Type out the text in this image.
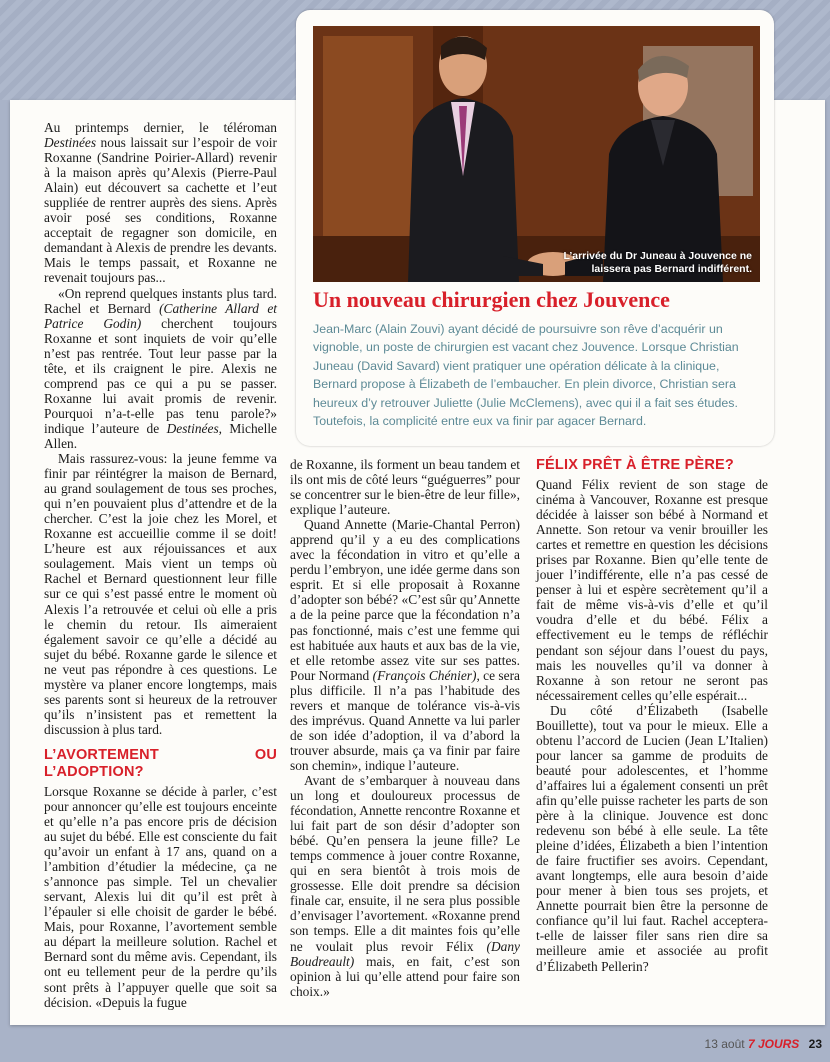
L’arrivée du Dr Juneau à Jouvence ne laissera pas Bernard indifférent.
Un nouveau chirurgien chez Jouvence

Jean-Marc (Alain Zouvi) ayant décidé de poursuivre son rêve d’acquérir un vignoble, un poste de chirurgien est vacant chez Jouvence. Lorsque Christian Juneau (David Savard) vient pratiquer une opération délicate à la clinique, Bernard propose à Élizabeth de l’embaucher. En plein divorce, Christian sera heureux d’y retrouver Juliette (Julie McClemens), avec qui il a fait ses études. Toutefois, la complicité entre eux va finir par agacer Bernard.

Au printemps dernier, le téléroman Destinées nous laissait sur l’espoir de voir Roxanne (Sandrine Poirier-Allard) revenir à la maison après qu’Alexis (Pierre-Paul Alain) eut découvert sa cachette et l’eut suppliée de rentrer auprès des siens. Après avoir posé ses conditions, Roxanne acceptait de regagner son domicile, en demandant à Alexis de prendre les devants. Mais le temps passait, et Roxanne ne revenait toujours pas...

«On reprend quelques instants plus tard. Rachel et Bernard (Catherine Allard et Patrice Godin) cherchent toujours Roxanne et sont inquiets de voir qu’elle n’est pas rentrée. Tout leur passe par la tête, et ils craignent le pire. Alexis ne comprend pas ce qui a pu se passer. Roxanne lui avait promis de revenir. Pourquoi n’a-t-elle pas tenu parole?» indique l’auteure de Destinées, Michelle Allen.

Mais rassurez-vous: la jeune femme va finir par réintégrer la maison de Bernard, au grand soulagement de tous ses proches, qui n’en pouvaient plus d’attendre et de la chercher. C’est la joie chez les Morel, et Roxanne est accueillie comme il se doit! L’heure est aux réjouissances et aux soulagement. Mais vient un temps où Rachel et Bernard questionnent leur fille sur ce qui s’est passé entre le moment où Alexis l’a retrouvée et celui où elle a pris le chemin du retour. Ils aimeraient également savoir ce qu’elle a décidé au sujet du bébé. Roxanne garde le silence et ne veut pas répondre à ces questions. Le mystère va planer encore longtemps, mais ses parents sont si heureux de la retrouver qu’ils n’insistent pas et remettent la discussion à plus tard.

L’AVORTEMENT OU L’ADOPTION?

Lorsque Roxanne se décide à parler, c’est pour annoncer qu’elle est toujours enceinte et qu’elle n’a pas encore pris de décision au sujet du bébé. Elle est consciente du fait qu’avoir un enfant à 17 ans, quand on a l’ambition d’étudier la médecine, ça ne s’annonce pas simple. Tel un chevalier servant, Alexis lui dit qu’il est prêt à l’épauler si elle choisit de garder le bébé. Mais, pour Roxanne, l’avortement semble au départ la meilleure solution. Rachel et Bernard sont du même avis. Cependant, ils ont eu tellement peur de la perdre qu’ils sont prêts à l’appuyer quelle que soit sa décision. «Depuis la fugue

de Roxanne, ils forment un beau tandem et ils ont mis de côté leurs “guéguerres” pour se concentrer sur le bien-être de leur fille», explique l’auteure.

Quand Annette (Marie-Chantal Perron) apprend qu’il y a eu des complications avec la fécondation in vitro et qu’elle a perdu l’embryon, une idée germe dans son esprit. Et si elle proposait à Roxanne d’adopter son bébé? «C’est sûr qu’Annette a de la peine parce que la fécondation n’a pas fonctionné, mais c’est une femme qui est habituée aux hauts et aux bas de la vie, et elle retombe assez vite sur ses pattes. Pour Normand (François Chénier), ce sera plus difficile. Il n’a pas l’habitude des revers et manque de tolérance vis-à-vis des imprévus. Quand Annette va lui parler de son idée d’adoption, il va d’abord la trouver absurde, mais ça va finir par faire son chemin», indique l’auteure.

Avant de s’embarquer à nouveau dans un long et douloureux processus de fécondation, Annette rencontre Roxanne et lui fait part de son désir d’adopter son bébé. Qu’en pensera la jeune fille? Le temps commence à jouer contre Roxanne, qui en sera bientôt à trois mois de grossesse. Elle doit prendre sa décision finale car, ensuite, il ne sera plus possible d’envisager l’avortement. «Roxanne prend son temps. Elle a dit maintes fois qu’elle ne voulait plus revoir Félix (Dany Boudreault) mais, en fait, c’est son opinion à lui qu’elle attend pour faire son choix.»

FÉLIX PRÊT À ÊTRE PÈRE?

Quand Félix revient de son stage de cinéma à Vancouver, Roxanne est presque décidée à laisser son bébé à Normand et Annette. Son retour va venir brouiller les cartes et remettre en question les décisions prises par Roxanne. Bien qu’elle tente de jouer l’indifférente, elle n’a pas cessé de penser à lui et espère secrètement qu’il a fait de même vis-à-vis d’elle et qu’il voudra d’elle et du bébé. Félix a effectivement eu le temps de réfléchir pendant son séjour dans l’ouest du pays, mais les nouvelles qu’il va donner à Roxanne à son retour ne seront pas nécessairement celles qu’elle espérait...

Du côté d’Élizabeth (Isabelle Bouillette), tout va pour le mieux. Elle a obtenu l’accord de Lucien (Jean L’Italien) pour lancer sa gamme de produits de beauté pour adolescentes, et l’homme d’affaires lui a également consenti un prêt afin qu’elle puisse racheter les parts de son père à la clinique. Jouvence est donc redevenu son bébé à elle seule. La tête pleine d’idées, Élizabeth a bien l’intention de faire fructifier ses avoirs. Cependant, avant longtemps, elle aura besoin d’aide pour mener à bien tous ses projets, et Annette pourrait bien être la personne de confiance qu’il lui faut. Rachel acceptera-t-elle de laisser filer sans rien dire sa meilleure amie et associée au profit d’Élizabeth Pellerin?

13 août 7 JOURS 23
